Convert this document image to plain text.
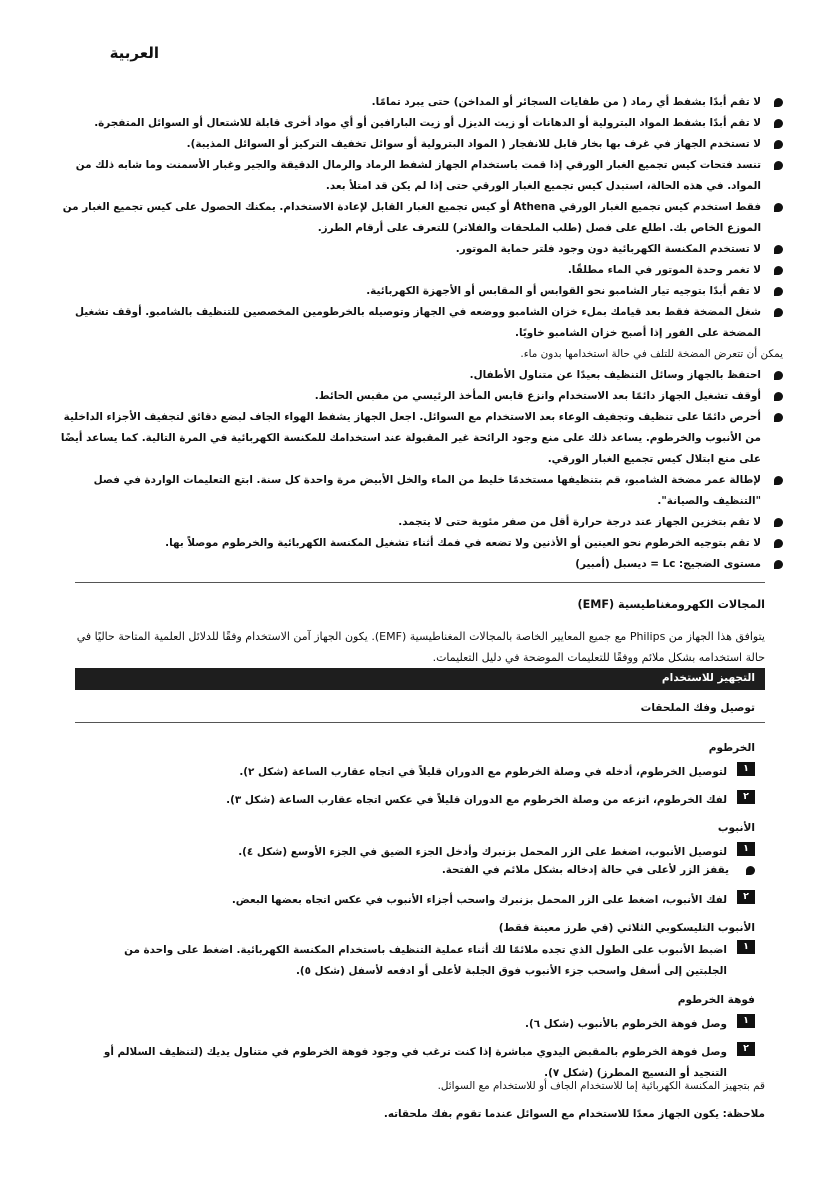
العربية
لا تقم أبدًا بشفط أي رماد ( من طفايات السجائر أو المداخن) حتى يبرد تمامًا.
لا تقم أبدًا بشفط المواد البترولية أو الدهانات أو زيت الديزل أو زيت البارافين أو أي مواد أخرى قابلة للاشتعال أو السوائل المتفجرة.
لا تستخدم الجهاز في غرف بها بخار قابل للانفجار ( المواد البترولية أو سوائل تخفيف التركيز أو السوائل المذيبة).
تنسد فتحات كيس تجميع الغبار الورقي إذا قمت باستخدام الجهاز لشفط الرماد والرمال الدقيقة والجير وغبار الأسمنت وما شابه ذلك من المواد. في هذه الحالة، استبدل كيس تجميع الغبار الورقي حتى إذا لم يكن قد امتلأ بعد.
فقط استخدم كيس تجميع الغبار الورقي Athena أو كيس تجميع الغبار القابل لإعادة الاستخدام. يمكنك الحصول على كيس تجميع الغبار من الموزع الخاص بك. اطلع على فصل (طلب الملحقات والفلاتر) للتعرف على أرقام الطرز.
لا تستخدم المكنسة الكهربائية دون وجود فلتر حماية الموتور.
لا تغمر وحدة الموتور في الماء مطلقًا.
لا تقم أبدًا بتوجيه تيار الشامبو نحو القوابس أو المقابس أو الأجهزة الكهربائية.
شغل المضخة فقط بعد قيامك بملء خزان الشامبو ووضعه في الجهاز وتوصيله بالخرطومين المخصصين للتنظيف بالشامبو. أوقف تشغيل المضخة على الفور إذا أصبح خزان الشامبو خاويًا.
يمكن أن تتعرض المضخة للتلف في حالة استخدامها بدون ماء.
احتفظ بالجهاز وسائل التنظيف بعيدًا عن متناول الأطفال.
أوقف تشغيل الجهاز دائمًا بعد الاستخدام وانزع قابس المأخذ الرئيسي من مقبس الحائط.
أحرص دائمًا على تنظيف وتجفيف الوعاء بعد الاستخدام مع السوائل. اجعل الجهاز يشفط الهواء الجاف لبضع دقائق لتجفيف الأجزاء الداخلية من الأنبوب والخرطوم. يساعد ذلك على منع وجود الرائحة غير المقبولة عند استخدامك للمكنسة الكهربائية في المرة التالية. كما يساعد أيضًا على منع ابتلال كيس تجميع الغبار الورقي.
لإطالة عمر مضخة الشامبو، قم بتنظيفها مستخدمًا خليط من الماء والخل الأبيض مرة واحدة كل سنة. ابتع التعليمات الواردة في فصل "التنظيف والصيانة".
لا تقم بتخزين الجهاز عند درجة حرارة أقل من صفر مئوية حتى لا يتجمد.
لا تقم بتوجيه الخرطوم نحو العينين أو الأذنين ولا تضعه في فمك أثناء تشغيل المكنسة الكهربائية والخرطوم موصلاً بها.
مستوى الضجيج: Lc = ديسبل (أمبير)
المجالات الكهرومغناطيسية (EMF)
يتوافق هذا الجهاز من Philips مع جميع المعايير الخاصة بالمجالات المغناطيسية (EMF). يكون الجهاز آمن الاستخدام وفقًا للدلائل العلمية المتاحة حاليًا في حالة استخدامه بشكل ملائم ووفقًا للتعليمات الموضحة في دليل التعليمات.
التجهيز للاستخدام
توصيل وفك الملحقات
الخرطوم
١
لتوصيل الخرطوم، أدخله في وصلة الخرطوم مع الدوران قليلاً في اتجاه عقارب الساعة (شكل ٢).
٢
لفك الخرطوم، انزعه من وصلة الخرطوم مع الدوران قليلاً في عكس اتجاه عقارب الساعة (شكل ٣).
الأنبوب
١
لتوصيل الأنبوب، اضغط على الزر المحمل بزنبرك وأدخل الجزء الضيق في الجزء الأوسع (شكل ٤).
يقفز الزر لأعلى في حالة إدخاله بشكل ملائم في الفتحة.
٢
لفك الأنبوب، اضغط على الزر المحمل بزنبرك واسحب أجزاء الأنبوب في عكس اتجاه بعضها البعض.
الأنبوب التليسكوبي الثلاثي (في طرز معينة فقط)
١
اضبط الأنبوب على الطول الذي تجده ملائمًا لك أثناء عملية التنظيف باستخدام المكنسة الكهربائية. اضغط على واحدة من الجلبتين إلى أسفل واسحب جزء الأنبوب فوق الجلبة لأعلى أو ادفعه لأسفل (شكل ٥).
فوهة الخرطوم
١
وصل فوهة الخرطوم بالأنبوب (شكل ٦).
٢
وصل فوهة الخرطوم بالمقبض اليدوي مباشرة إذا كنت ترغب في وجود فوهة الخرطوم في متناول يديك (لتنظيف السلالم أو التنجيد أو النسيج المطرز) (شكل ٧).
قم بتجهيز المكنسة الكهربائية إما للاستخدام الجاف أو للاستخدام مع السوائل.
ملاحظة: يكون الجهاز معدًا للاستخدام مع السوائل عندما تقوم بفك ملحقاته.
